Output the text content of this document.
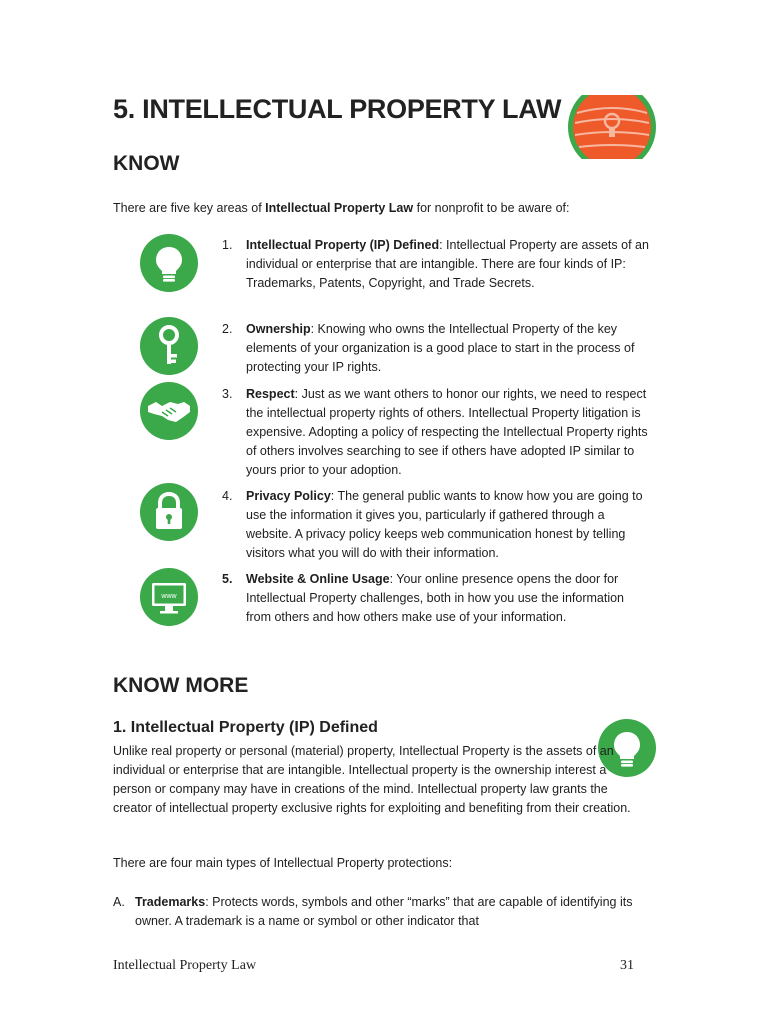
5. INTELLECTUAL PROPERTY LAW
KNOW

There are five key areas of Intellectual Property Law for nonprofit to be aware of:

www
1. Intellectual Property (IP) Defined: Intellectual Property are assets of an individual or enterprise that are intangible. There are four kinds of IP: Trademarks, Patents, Copyright, and Trade Secrets.
2. Ownership: Knowing who owns the Intellectual Property of the key elements of your organization is a good place to start in the process of protecting your IP rights.
3. Respect: Just as we want others to honor our rights, we need to respect the intellectual property rights of others. Intellectual Property litigation is expensive. Adopting a policy of respecting the Intellectual Property rights of others involves searching to see if others have adopted IP similar to yours prior to your adoption.
4. Privacy Policy: The general public wants to know how you are going to use the information it gives you, particularly if gathered through a website. A privacy policy keeps web communication honest by telling visitors what you will do with their information.
5. Website & Online Usage: Your online presence opens the door for Intellectual Property challenges, both in how you use the information from others and how others make use of your information.
KNOW MORE
1. Intellectual Property (IP) Defined

Unlike real property or personal (material) property, Intellectual Property is the assets of an individual or enterprise that are intangible. Intellectual property is the ownership interest a person or company may have in creations of the mind. Intellectual property law grants the creator of intellectual property exclusive rights for exploiting and benefiting from their creation.

There are four main types of Intellectual Property protections:

A. Trademarks: Protects words, symbols and other “marks” that are capable of identifying its owner. A trademark is a name or symbol or other indicator that
Intellectual Property Law	31
